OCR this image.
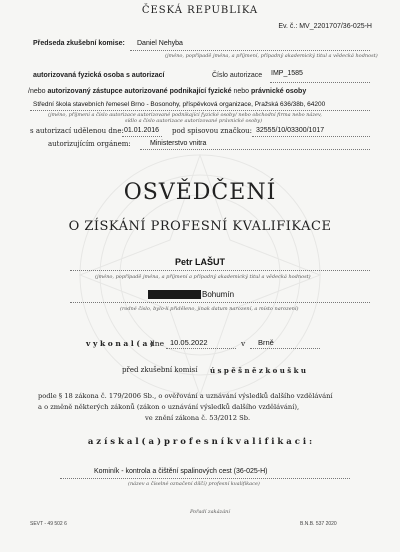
ČESKÁ REPUBLIKA
Ev. č.: MV_2201707/36-025-H
Předseda zkušební komise: Daniel Nehyba
(jméno, popřípadě jména, a příjmení, případný akademický titul a vědecká hodnost)
autorizovaná fyzická osoba s autorizací	Číslo autorizace IMP_1585
/nebo autorizovaný zástupce autorizované podnikající fyzické nebo právnické osoby
Střední škola stavebních řemesel Brno - Bosonohy, příspěvková organizace, Pražská 636/38b, 64200
(jméno, příjmení a číslo autorizace autorizované podnikající fyzické osoby/ nebo obchodní firma nebo název,
sídlo a číslo autorizace autorizované právnické osoby)
s autorizací udělenou dne: 01.01.2016 pod spisovou značkou: 32555/10/03300/1017
autorizujícím orgánem:	Ministerstvo vnitra
OSVĚDČENÍ
O ZÍSKÁNÍ PROFESNÍ KVALIFIKACE
Petr LAŠUT
(jméno, popřípadě jména, a příjmení a případný akademický titul a vědecká hodnost)
Bohumín
(rodné číslo, bylo-li přiděleno, jinak datum narození, a místo narození)
v y k o n a l ( a )
dne 10.05.2022	v Brně
před zkušební komisí ú s p ě š n ě z k o u š k u
podle § 18 zákona č. 179/2006 Sb., o ověřování a uznávání výsledků dalšího vzdělávání
a o změně některých zákonů (zákon o uznávání výsledků dalšího vzdělávání),
ve znění zákona č. 53/2012 Sb.
a z í s k a l ( a ) p r o f e s n í k v a l i f i k a c i :
Kominík - kontrola a čištění spalinových cest (36-025-H)
(název a číselné označení dílčí) profesní kvalifikace)
Pořadí zakázání
SEVT - 49 502 6	B.N.B. 537 2020
